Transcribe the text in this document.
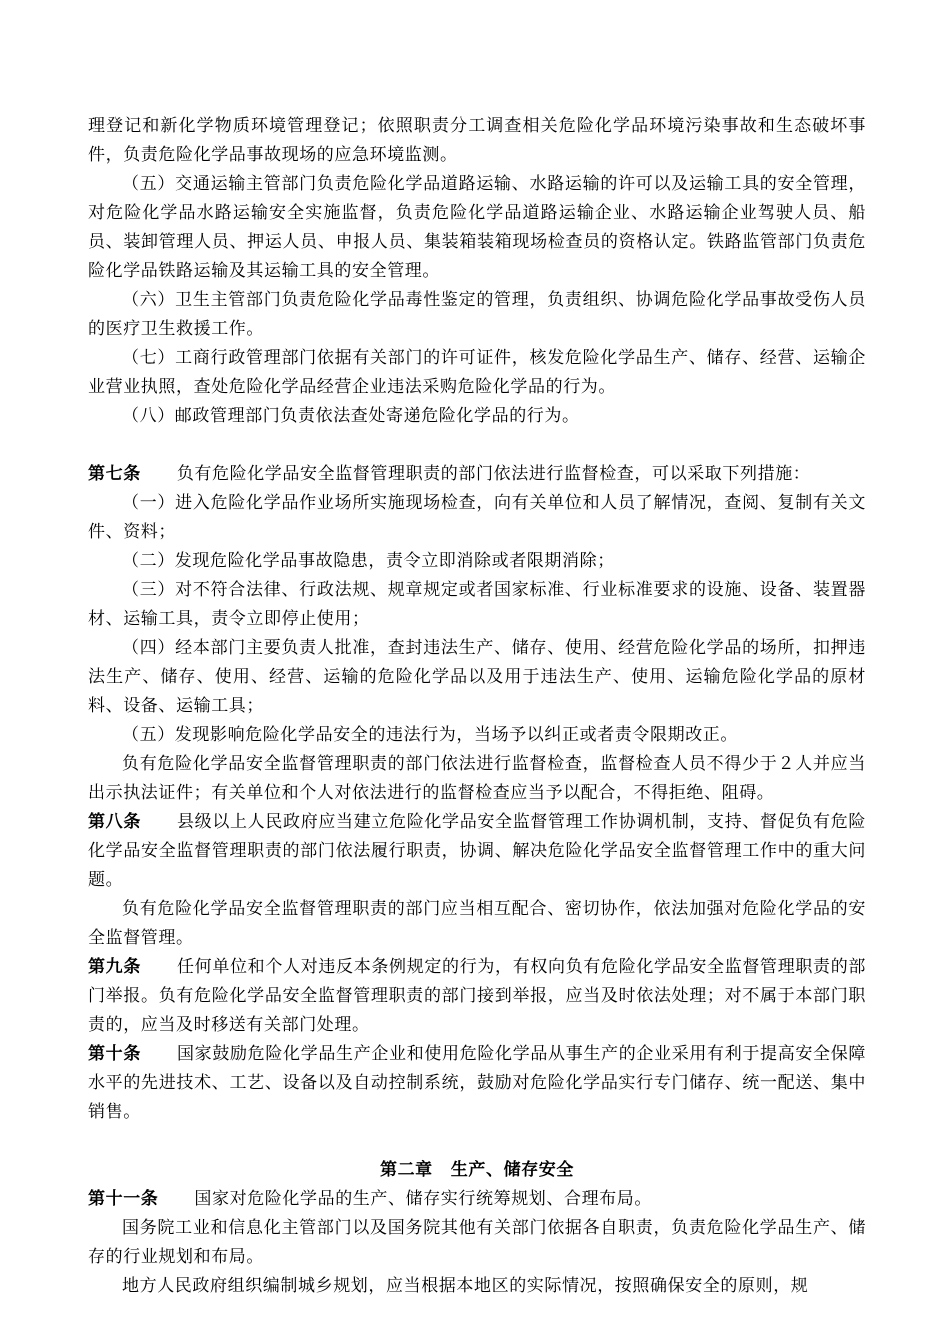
理登记和新化学物质环境管理登记；依照职责分工调查相关危险化学品环境污染事故和生态破坏事件，负责危险化学品事故现场的应急环境监测。

（五）交通运输主管部门负责危险化学品道路运输、水路运输的许可以及运输工具的安全管理，对危险化学品水路运输安全实施监督，负责危险化学品道路运输企业、水路运输企业驾驶人员、船员、装卸管理人员、押运人员、申报人员、集装箱装箱现场检查员的资格认定。铁路监管部门负责危险化学品铁路运输及其运输工具的安全管理。

（六）卫生主管部门负责危险化学品毒性鉴定的管理，负责组织、协调危险化学品事故受伤人员的医疗卫生救援工作。

（七）工商行政管理部门依据有关部门的许可证件，核发危险化学品生产、储存、经营、运输企业营业执照，查处危险化学品经营企业违法采购危险化学品的行为。

（八）邮政管理部门负责依法查处寄递危险化学品的行为。

第七条 负有危险化学品安全监督管理职责的部门依法进行监督检查，可以采取下列措施：

（一）进入危险化学品作业场所实施现场检查，向有关单位和人员了解情况，查阅、复制有关文件、资料；

（二）发现危险化学品事故隐患，责令立即消除或者限期消除；

（三）对不符合法律、行政法规、规章规定或者国家标准、行业标准要求的设施、设备、装置器材、运输工具，责令立即停止使用；

（四）经本部门主要负责人批准，查封违法生产、储存、使用、经营危险化学品的场所，扣押违法生产、储存、使用、经营、运输的危险化学品以及用于违法生产、使用、运输危险化学品的原材料、设备、运输工具；

（五）发现影响危险化学品安全的违法行为，当场予以纠正或者责令限期改正。

负有危险化学品安全监督管理职责的部门依法进行监督检查，监督检查人员不得少于２人并应当出示执法证件；有关单位和个人对依法进行的监督检查应当予以配合，不得拒绝、阻碍。

第八条 县级以上人民政府应当建立危险化学品安全监督管理工作协调机制，支持、督促负有危险化学品安全监督管理职责的部门依法履行职责，协调、解决危险化学品安全监督管理工作中的重大问题。

负有危险化学品安全监督管理职责的部门应当相互配合、密切协作，依法加强对危险化学品的安全监督管理。

第九条 任何单位和个人对违反本条例规定的行为，有权向负有危险化学品安全监督管理职责的部门举报。负有危险化学品安全监督管理职责的部门接到举报，应当及时依法处理；对不属于本部门职责的，应当及时移送有关部门处理。

第十条 国家鼓励危险化学品生产企业和使用危险化学品从事生产的企业采用有利于提高安全保障水平的先进技术、工艺、设备以及自动控制系统，鼓励对危险化学品实行专门储存、统一配送、集中销售。

第二章 生产、储存安全

第十一条 国家对危险化学品的生产、储存实行统筹规划、合理布局。

国务院工业和信息化主管部门以及国务院其他有关部门依据各自职责，负责危险化学品生产、储存的行业规划和布局。

地方人民政府组织编制城乡规划，应当根据本地区的实际情况，按照确保安全的原则，规
